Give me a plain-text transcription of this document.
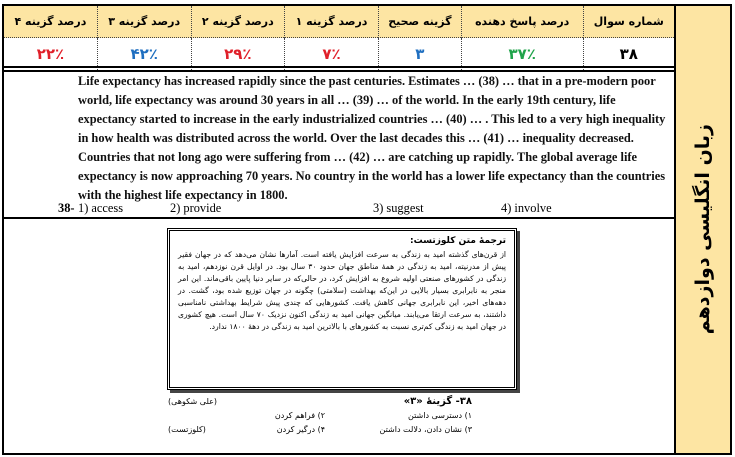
شماره سوال	درصد پاسخ دهنده	گزینه صحیح	درصد گزینه ۱	درصد گزینه ۲	درصد گزینه ۳	درصد گزینه ۴
۳۸	۳۷٪	۳	۷٪	۲۹٪	۴۲٪	۲۲٪
زبان انگلیسی دوازدهم
Life expectancy has increased rapidly since the past centuries. Estimates … (38) … that in a pre-modern poor world, life expectancy was around 30 years in all … (39) … of the world. In the early 19th century, life expectancy started to increase in the early industrialized countries … (40) … . This led to a very high inequality in how health was distributed across the world. Over the last decades this … (41) … inequality decreased. Countries that not long ago were suffering from … (42) … are catching up rapidly. The global average life expectancy is now approaching 70 years. No country in the world has a lower life expectancy than the countries with the highest life expectancy in 1800.
38- 1) access	2) provide	3) suggest	4) involve
ترجمهٔ متن کلوزتست:
از قرن‌های گذشته امید به زندگی به سرعت افزایش یافته است. آمارها نشان می‌دهد که در جهان فقیر پیش از مدرنیته، امید به زندگی در همهٔ مناطق جهان حدود ۳۰ سال بود. در اوایل قرن نوزدهم، امید به زندگی در کشورهای صنعتی اولیه شروع به افزایش کرد، در حالی‌که در سایر دنیا پایین باقی‌ماند. این امر منجر به نابرابری بسیار بالایی در این‌که بهداشت (سلامتی) چگونه در جهان توزیع شده بود، گشت. در دهه‌های اخیر، این نابرابری جهانی کاهش یافت. کشورهایی که چندی پیش شرایط بهداشتی نامناسبی داشتند، به سرعت ارتقا می‌یابند. میانگین جهانی امید به زندگی اکنون نزدیک ۷۰ سال است. هیچ کشوری در جهان امید به زندگی کم‌تری نسبت به کشورهای با بالاترین امید به زندگی در دههٔ ۱۸۰۰ ندارد.
۳۸- گزینهٔ «۳»
(علی شکوهی)
۱) دسترسی داشتن
۲) فراهم کردن
۳) نشان دادن، دلالت داشتن
۴) درگیر کردن
(کلوزتست)
